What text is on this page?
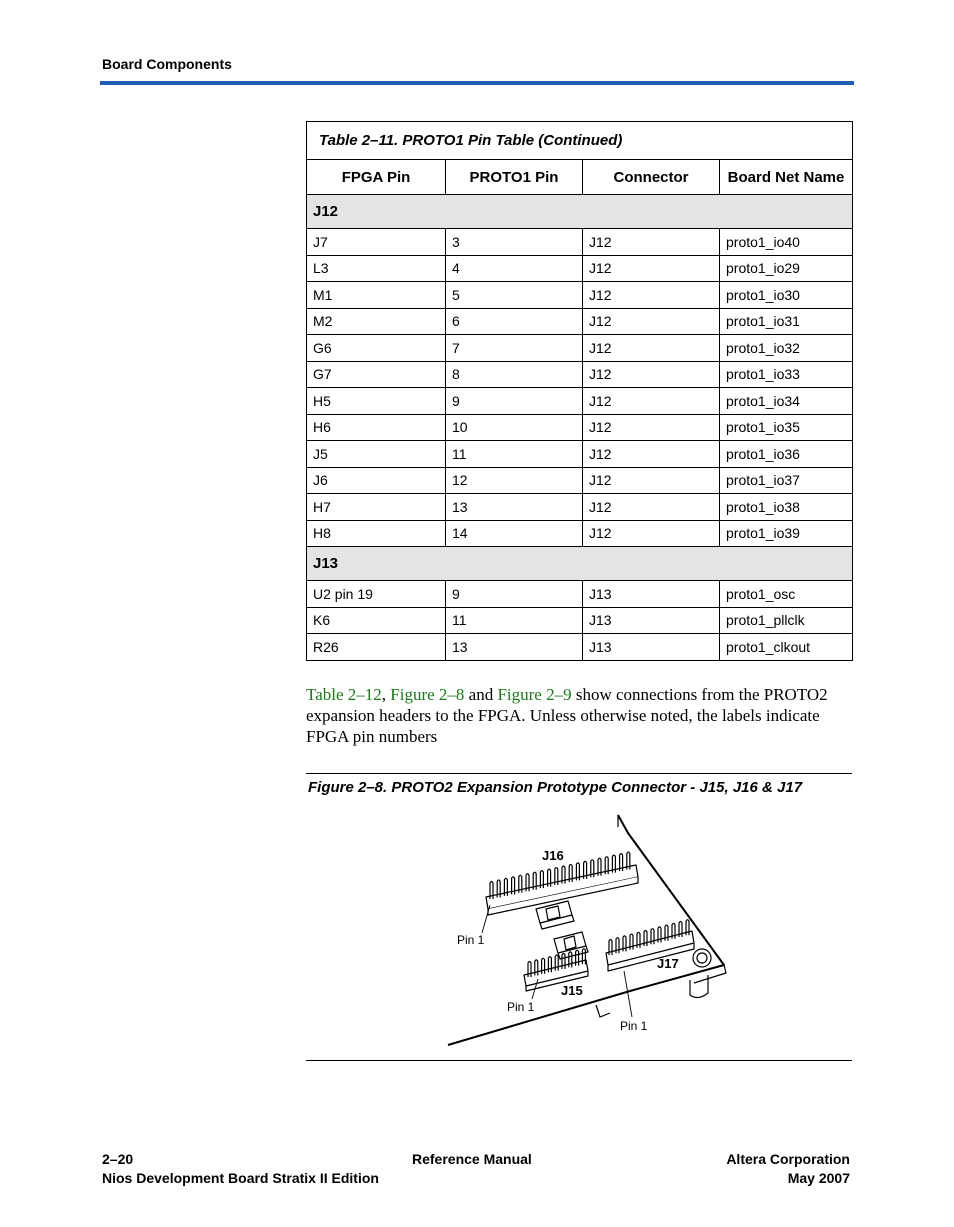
Board Components
Table 2–11. PROTO1 Pin Table (Continued)			
FPGA Pin	PROTO1 Pin	Connector	Board Net Name
J12			
J7	3	J12	proto1_io40
L3	4	J12	proto1_io29
M1	5	J12	proto1_io30
M2	6	J12	proto1_io31
G6	7	J12	proto1_io32
G7	8	J12	proto1_io33
H5	9	J12	proto1_io34
H6	10	J12	proto1_io35
J5	11	J12	proto1_io36
J6	12	J12	proto1_io37
H7	13	J12	proto1_io38
H8	14	J12	proto1_io39
J13			
U2 pin 19	9	J13	proto1_osc
K6	11	J13	proto1_pllclk
R26	13	J13	proto1_clkout
Table 2–12, Figure 2–8 and Figure 2–9 show connections from the PROTO2 expansion headers to the FPGA. Unless otherwise noted, the labels indicate FPGA pin numbers
Figure 2–8. PROTO2 Expansion Prototype Connector - J15, J16 & J17
J16
J15
J17
Pin 1
Pin 1
Pin 1
2–20
Nios Development Board Stratix II Edition
Reference Manual	Altera Corporation
May 2007
